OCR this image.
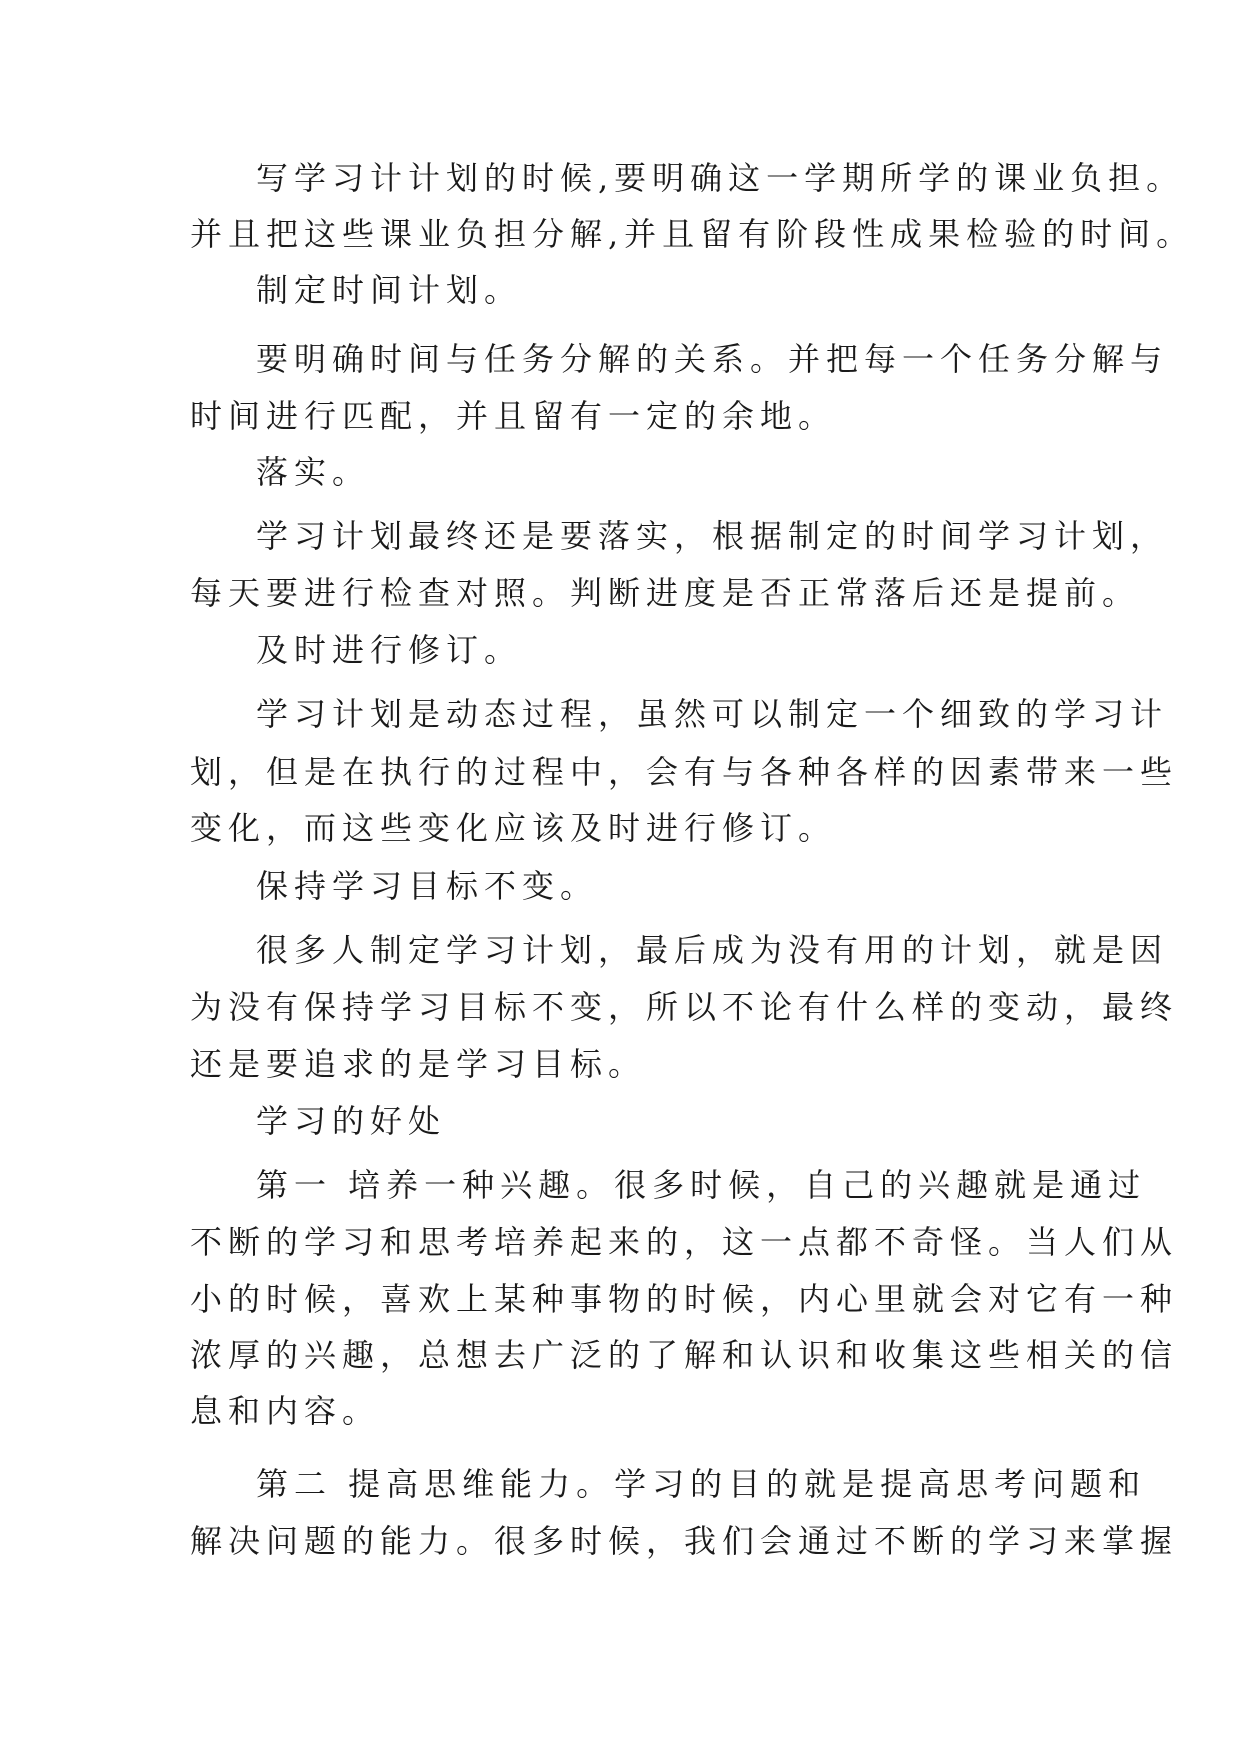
写学习计计划的时候,要明确这一学期所学的课业负担。
并且把这些课业负担分解,并且留有阶段性成果检验的时间。
制定时间计划。
要明确时间与任务分解的关系。并把每一个任务分解与
时间进行匹配，并且留有一定的余地。
落实。
学习计划最终还是要落实，根据制定的时间学习计划，
每天要进行检查对照。判断进度是否正常落后还是提前。
及时进行修订。
学习计划是动态过程，虽然可以制定一个细致的学习计
划，但是在执行的过程中，会有与各种各样的因素带来一些
变化，而这些变化应该及时进行修订。
保持学习目标不变。
很多人制定学习计划，最后成为没有用的计划，就是因
为没有保持学习目标不变，所以不论有什么样的变动，最终
还是要追求的是学习目标。
学习的好处
第一 培养一种兴趣。很多时候，自己的兴趣就是通过
不断的学习和思考培养起来的，这一点都不奇怪。当人们从
小的时候，喜欢上某种事物的时候，内心里就会对它有一种
浓厚的兴趣，总想去广泛的了解和认识和收集这些相关的信
息和内容。
第二 提高思维能力。学习的目的就是提高思考问题和
解决问题的能力。很多时候，我们会通过不断的学习来掌握
